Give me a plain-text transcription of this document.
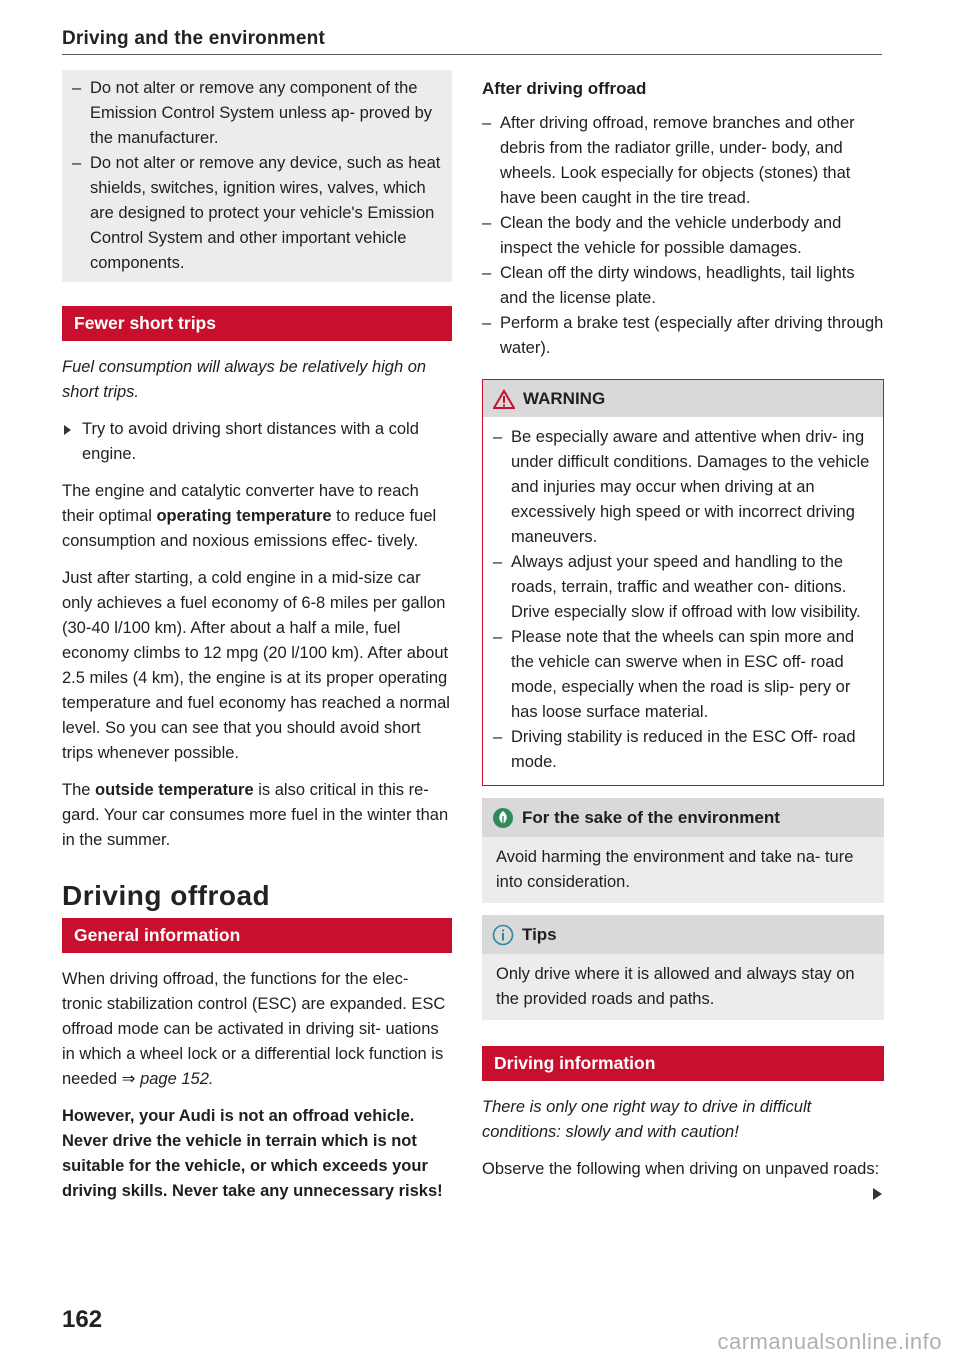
Driving and the environment
– Do not alter or remove any component of the Emission Control System unless ap- proved by the manufacturer.
– Do not alter or remove any device, such as heat shields, switches, ignition wires, valves, which are designed to protect your vehicle's Emission Control System and other important vehicle components.
Fewer short trips

Fuel consumption will always be relatively high on short trips.

Try to avoid driving short distances with a cold engine.

The engine and catalytic converter have to reach their optimal operating temperature to reduce fuel consumption and noxious emissions effec- tively.

Just after starting, a cold engine in a mid-size car only achieves a fuel economy of 6-8 miles per gallon (30-40 l/100 km). After about a half a mile, fuel economy climbs to 12 mpg (20 l/100 km). After about 2.5 miles (4 km), the engine is at its proper operating temperature and fuel economy has reached a normal level. So you can see that you should avoid short trips whenever possible.

The outside temperature is also critical in this re- gard. Your car consumes more fuel in the winter than in the summer.

Driving offroad
General information

When driving offroad, the functions for the elec- tronic stabilization control (ESC) are expanded. ESC offroad mode can be activated in driving sit- uations in which a wheel lock or a differential lock function is needed ⇒ page 152.

However, your Audi is not an offroad vehicle. Never drive the vehicle in terrain which is not suitable for the vehicle, or which exceeds your driving skills. Never take any unnecessary risks!

After driving offroad
– After driving offroad, remove branches and other debris from the radiator grille, under- body, and wheels. Look especially for objects (stones) that have been caught in the tire tread.
– Clean the body and the vehicle underbody and inspect the vehicle for possible damages.
– Clean off the dirty windows, headlights, tail lights and the license plate.
– Perform a brake test (especially after driving through water).
WARNING
– Be especially aware and attentive when driv- ing under difficult conditions. Damages to the vehicle and injuries may occur when driving at an excessively high speed or with incorrect driving maneuvers.
– Always adjust your speed and handling to the roads, terrain, traffic and weather con- ditions. Drive especially slow if offroad with low visibility.
– Please note that the wheels can spin more and the vehicle can swerve when in ESC off- road mode, especially when the road is slip- pery or has loose surface material.
– Driving stability is reduced in the ESC Off- road mode.
For the sake of the environment
Avoid harming the environment and take na- ture into consideration.
Tips
Only drive where it is allowed and always stay on the provided roads and paths.
Driving information

There is only one right way to drive in difficult conditions: slowly and with caution!

Observe the following when driving on unpaved roads:

162
carmanualsonline.info
